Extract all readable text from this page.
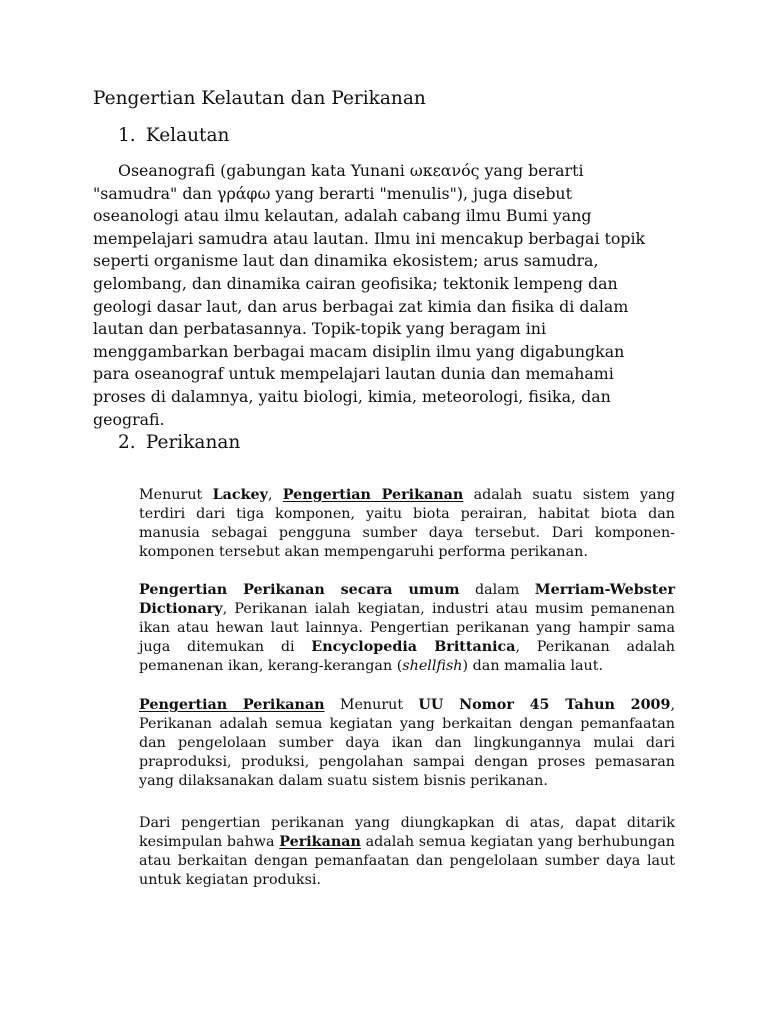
Pengertian Kelautan dan Perikanan
1. Kelautan

Oseanografi (gabungan kata Yunani ωκεανός yang berarti "samudra" dan γράφω yang berarti "menulis"), juga disebut oseanologi atau ilmu kelautan, adalah cabang ilmu Bumi yang mempelajari samudra atau lautan. Ilmu ini mencakup berbagai topik seperti organisme laut dan dinamika ekosistem; arus samudra, gelombang, dan dinamika cairan geofisika; tektonik lempeng dan geologi dasar laut, dan arus berbagai zat kimia dan fisika di dalam lautan dan perbatasannya. Topik-topik yang beragam ini menggambarkan berbagai macam disiplin ilmu yang digabungkan para oseanograf untuk mempelajari lautan dunia dan memahami proses di dalamnya, yaitu biologi, kimia, meteorologi, fisika, dan geografi.

2. Perikanan

Menurut Lackey, Pengertian Perikanan adalah suatu sistem yang terdiri dari tiga komponen, yaitu biota perairan, habitat biota dan manusia sebagai pengguna sumber daya tersebut. Dari komponen-komponen tersebut akan mempengaruhi performa perikanan.

Pengertian Perikanan secara umum dalam Merriam-Webster Dictionary, Perikanan ialah kegiatan, industri atau musim pemanenan ikan atau hewan laut lainnya. Pengertian perikanan yang hampir sama juga ditemukan di Encyclopedia Brittanica, Perikanan adalah pemanenan ikan, kerang-kerangan (shellfish) dan mamalia laut.

Pengertian Perikanan Menurut UU Nomor 45 Tahun 2009, Perikanan adalah semua kegiatan yang berkaitan dengan pemanfaatan dan pengelolaan sumber daya ikan dan lingkungannya mulai dari praproduksi, produksi, pengolahan sampai dengan proses pemasaran yang dilaksanakan dalam suatu sistem bisnis perikanan.

Dari pengertian perikanan yang diungkapkan di atas, dapat ditarik kesimpulan bahwa Perikanan adalah semua kegiatan yang berhubungan atau berkaitan dengan pemanfaatan dan pengelolaan sumber daya laut untuk kegiatan produksi.
